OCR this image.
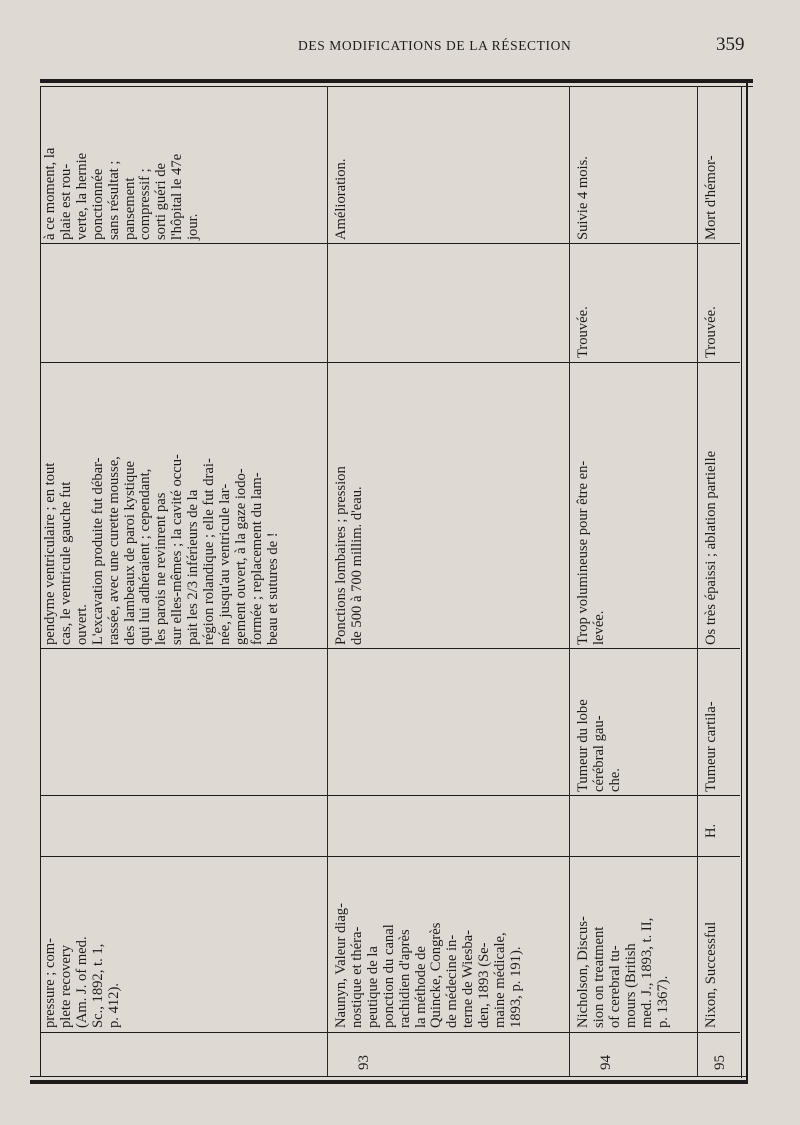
DES MODIFICATIONS DE LA RÉSECTION	359
pressure ; com-
plete recovery
(Am. J. of med.
Sc., 1892, t. 1,
p. 412).
pendyme ventriculaire ; en tout
cas, le ventricule gauche fut
ouvert.
L'excavation produite fut débar-
rassée, avec une curette mousse,
des lambeaux de paroi kystique
qui lui adhéraient ; cependant,
les parois ne revinrent pas
sur elles-mêmes ; la cavité occu-
pait les 2/3 inférieurs de la
région rolandique ; elle fut drai-
née, jusqu'au ventricule lar-
gement ouvert, à la gaze iodo-
formée ; replacement du lam-
beau et sutures de !
à ce moment, la
plaie est rou-
verte, la hernie
ponctionnée
sans résultat ;
pansement
compressif ;
sorti guéri de
l'hôpital le 47e
jour.
93
Naunyn, Valeur diag-
nostique et théra-
peutique de la
ponction du canal
rachidien d'après
la méthode de
Quincke, Congrès
de médecine in-
terne de Wiesba-
den, 1893 (Se-
maine médicale,
1893, p. 191).
Ponctions lombaires ; pression
de 500 à 700 millim. d'eau.
Amélioration.
94
Nicholson, Discus-
sion on treatment
of cerebral tu-
mours (British
med. J., 1893, t. II,
p. 1367).
Tumeur du lobe
cérébral gau-
che.
Trop volumineuse pour être en-
levée.
Trouvée.
Suivie 4 mois.
95
Nixon, Successful
H.
Tumeur cartila-
Os très épaissi ; ablation partielle
Trouvée.
Mort d'hémor-
